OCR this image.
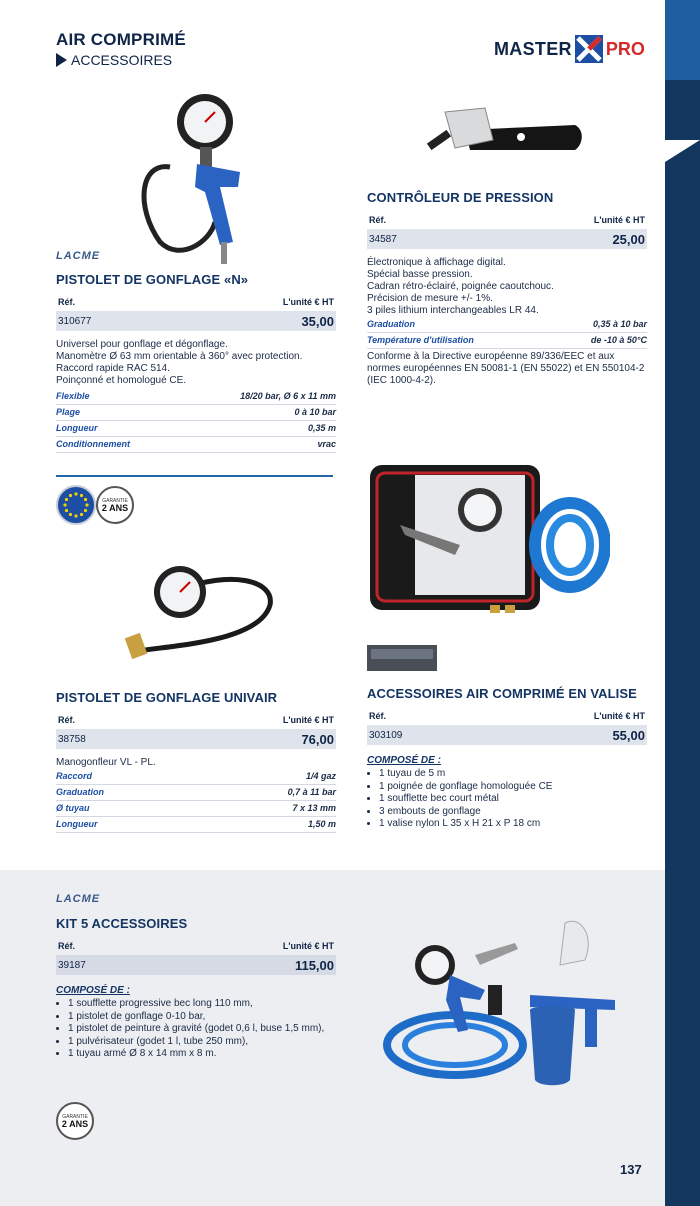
AIR COMPRIMÉ
ACCESSOIRES
MASTER PRO
LACME
PISTOLET DE GONFLAGE «N»
Réf.	L'unité € HT
310677	35,00
Universel pour gonflage et dégonflage.
Manomètre Ø 63 mm orientable à 360° avec protection. Raccord rapide RAC 514.
Poinçonné et homologué CE.
Flexible	18/20 bar, Ø 6 x 11 mm
Plage	0 à 10 bar
Longueur	0,35 m
Conditionnement	vrac
GARANTIE
2 ANS
CONTRÔLEUR DE PRESSION
Réf.	L'unité € HT
34587	25,00
Électronique à affichage digital.
Spécial basse pression.
Cadran rétro-éclairé, poignée caoutchouc.
Précision de mesure +/- 1%.
3 piles lithium interchangeables LR 44.
Graduation	0,35 à 10 bar
Température d'utilisation	de -10 à 50°C
Conforme à la Directive européenne 89/336/EEC et aux normes européennes EN 50081-1 (EN 55022) et EN 550104-2 (IEC 1000-4-2).
ACCESSOIRES AIR COMPRIMÉ EN VALISE
Réf.	L'unité € HT
303109	55,00
COMPOSÉ DE :
• 1 tuyau de 5 m
• 1 poignée de gonflage homologuée CE
• 1 soufflette bec court métal
• 3 embouts de gonflage
• 1 valise nylon L 35 x H 21 x P 18 cm
PISTOLET DE GONFLAGE UNIVAIR
Réf.	L'unité € HT
38758	76,00
Manogonfleur VL - PL.
Raccord	1/4 gaz
Graduation	0,7 à 11 bar
Ø tuyau	7 x 13 mm
Longueur	1,50 m
LACME
KIT 5 ACCESSOIRES
Réf.	L'unité € HT
39187	115,00
COMPOSÉ DE :
• 1 soufflette progressive bec long 110 mm,
• 1 pistolet de gonflage 0-10 bar,
• 1 pistolet de peinture à gravité (godet 0,6 l, buse 1,5 mm),
• 1 pulvérisateur (godet 1 l, tube 250 mm),
• 1 tuyau armé Ø 8 x 14 mm x 8 m.
GARANTIE
2 ANS
137
